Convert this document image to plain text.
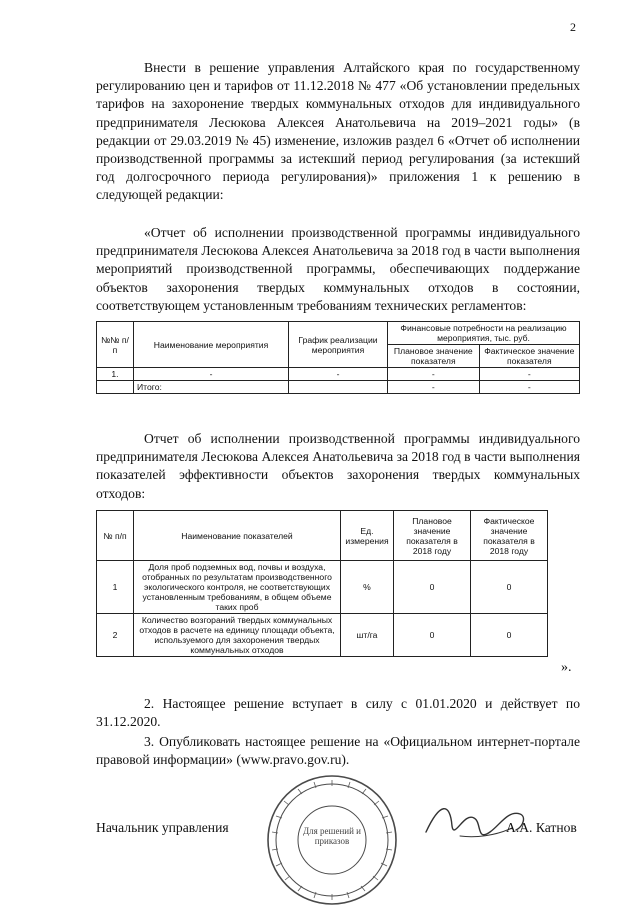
2
Внести в решение управления Алтайского края по государственному регулированию цен и тарифов от 11.12.2018 № 477 «Об установлении предельных тарифов на захоронение твердых коммунальных отходов для индивидуального предпринимателя Лесюкова Алексея Анатольевича на 2019–2021 годы» (в редакции от 29.03.2019 № 45) изменение, изложив раздел 6 «Отчет об исполнении производственной программы за истекший период регулирования (за истекший год долгосрочного периода регулирования)» приложения 1 к решению в следующей редакции:
«Отчет об исполнении производственной программы индивидуального предпринимателя Лесюкова Алексея Анатольевича за 2018 год в части выполнения мероприятий производственной программы, обеспечивающих поддержание объектов захоронения твердых коммунальных отходов в состоянии, соответствующем установленным требованиям технических регламентов:
№№ п/п	Наименование мероприятия	График реализации мероприятия	Финансовые потребности на реализацию мероприятия, тыс. руб.	
			Плановое значение показателя	Фактическое значение показателя
1.	-	-	-	-
	Итого:		-	-
Отчет об исполнении производственной программы индивидуального предпринимателя Лесюкова Алексея Анатольевича за 2018 год в части выполнения показателей эффективности объектов захоронения твердых коммунальных отходов:
№ п/п	Наименование показателей	Ед. измерения	Плановое значение показателя в 2018 году	Фактическое значение показателя в 2018 году
1	Доля проб подземных вод, почвы и воздуха, отобранных по результатам производственного экологического контроля, не соответствующих установленным требованиям, в общем объеме таких проб	%	0	0
2	Количество возгораний твердых коммунальных отходов в расчете на единицу площади объекта, используемого для захоронения твердых коммунальных отходов	шт/га	0	0
».
2. Настоящее решение вступает в силу с 01.01.2020 и действует по 31.12.2020.
3. Опубликовать настоящее решение на «Официальном интернет-портале правовой информации» (www.pravo.gov.ru).
Начальник управления	Для решений и приказов
А.А. Катнов
